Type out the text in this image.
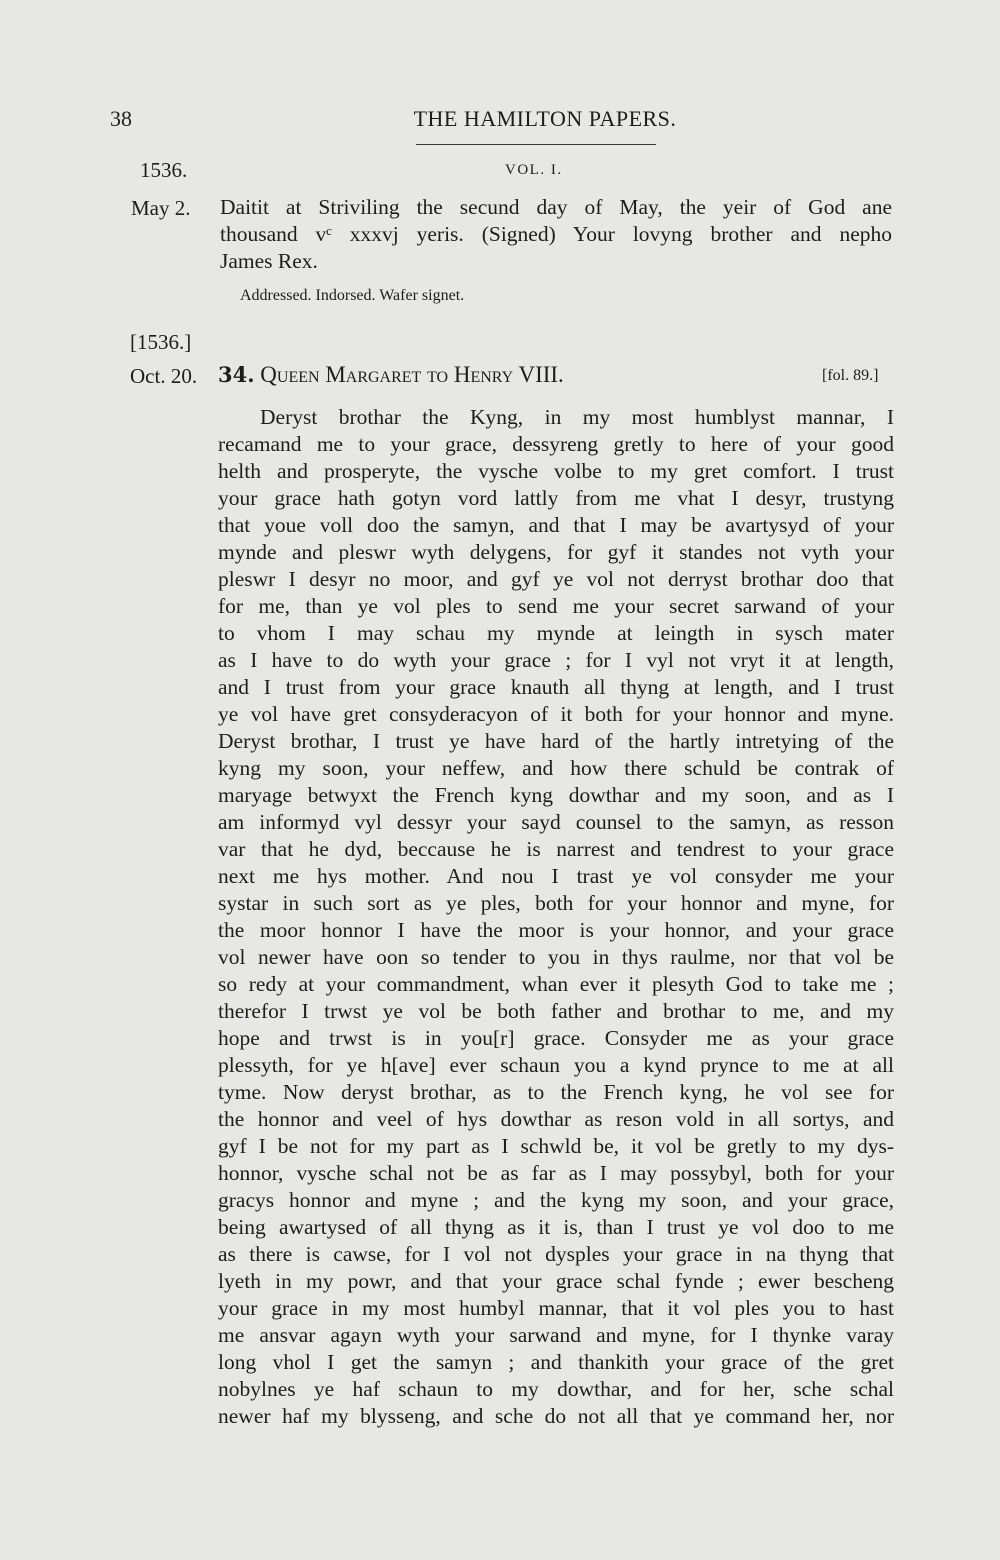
38	THE HAMILTON PAPERS.
1536.	VOL. I.
May 2. Daitit at Striviling the secund day of May, the yeir of God ane
thousand vᶜ xxxvj yeris. (Signed) Your lovyng brother and nepho
James Rex.
Addressed. Indorsed. Wafer signet.
[1536.]
Oct. 20. 34. Queen Margaret to Henry VIII.	[fol. 89.]
Deryst brothar the Kyng, in my most humblyst mannar, I
recamand me to your grace, dessyreng gretly to here of your good
helth and prosperyte, the vysche volbe to my gret comfort. I trust
your grace hath gotyn vord lattly from me vhat I desyr, trustyng
that youe voll doo the samyn, and that I may be avartysyd of your
mynde and pleswr wyth delygens, for gyf it standes not vyth your
pleswr I desyr no moor, and gyf ye vol not derryst brothar doo that
for me, than ye vol ples to send me your secret sarwand of your
to vhom I may schau my mynde at leingth in sysch mater
as I have to do wyth your grace ; for I vyl not vryt it at length,
and I trust from your grace knauth all thyng at length, and I trust
ye vol have gret consyderacyon of it both for your honnor and myne.
Deryst brothar, I trust ye have hard of the hartly intretying of the
kyng my soon, your neffew, and how there schuld be contrak of
maryage betwyxt the French kyng dowthar and my soon, and as I
am informyd vyl dessyr your sayd counsel to the samyn, as resson
var that he dyd, beccause he is narrest and tendrest to your grace
next me hys mother. And nou I trast ye vol consyder me your
systar in such sort as ye ples, both for your honnor and myne, for
the moor honnor I have the moor is your honnor, and your grace
vol newer have oon so tender to you in thys raulme, nor that vol be
so redy at your commandment, whan ever it plesyth God to take me ;
therefor I trwst ye vol be both father and brothar to me, and my
hope and trwst is in you[r] grace. Consyder me as your grace
plessyth, for ye h[ave] ever schaun you a kynd prynce to me at all
tyme. Now deryst brothar, as to the French kyng, he vol see for
the honnor and veel of hys dowthar as reson vold in all sortys, and
gyf I be not for my part as I schwld be, it vol be gretly to my dys-
honnor, vysche schal not be as far as I may possybyl, both for your
gracys honnor and myne ; and the kyng my soon, and your grace,
being awartysed of all thyng as it is, than I trust ye vol doo to me
as there is cawse, for I vol not dysples your grace in na thyng that
lyeth in my powr, and that your grace schal fynde ; ewer bescheng
your grace in my most humbyl mannar, that it vol ples you to hast
me ansvar agayn wyth your sarwand and myne, for I thynke varay
long vhol I get the samyn ; and thankith your grace of the gret
nobylnes ye haf schaun to my dowthar, and for her, sche schal
newer haf my blysseng, and sche do not all that ye command her, nor
